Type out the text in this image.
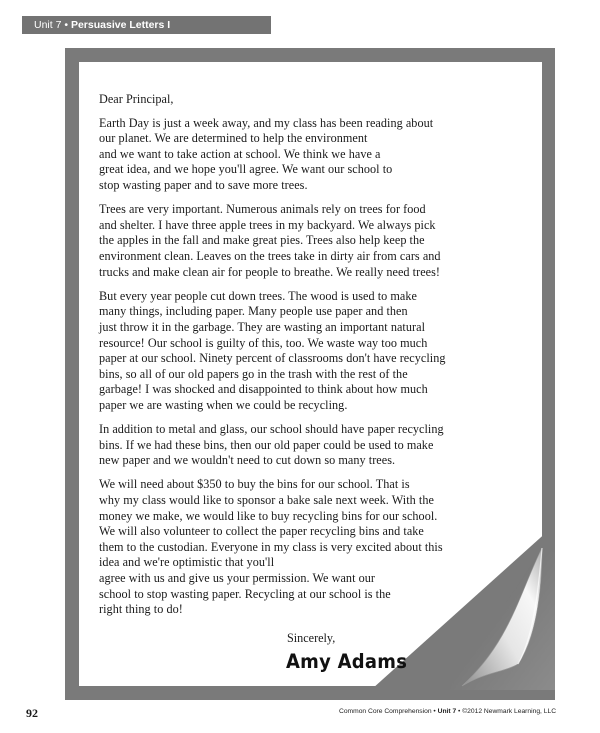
Unit 7 • Persuasive Letters I
Dear Principal,
Earth Day is just a week away, and my class has been reading about
our planet. We are determined to help the environment
and we want to take action at school. We think we have a
great idea, and we hope you'll agree. We want our school to
stop wasting paper and to save more trees.
Trees are very important. Numerous animals rely on trees for food
and shelter. I have three apple trees in my backyard. We always pick
the apples in the fall and make great pies. Trees also help keep the
environment clean. Leaves on the trees take in dirty air from cars and
trucks and make clean air for people to breathe. We really need trees!
But every year people cut down trees. The wood is used to make
many things, including paper. Many people use paper and then
just throw it in the garbage. They are wasting an important natural
resource! Our school is guilty of this, too. We waste way too much
paper at our school. Ninety percent of classrooms don't have recycling
bins, so all of our old papers go in the trash with the rest of the
garbage! I was shocked and disappointed to think about how much
paper we are wasting when we could be recycling.
In addition to metal and glass, our school should have paper recycling
bins. If we had these bins, then our old paper could be used to make
new paper and we wouldn't need to cut down so many trees.
We will need about $350 to buy the bins for our school. That is
why my class would like to sponsor a bake sale next week. With the
money we make, we would like to buy recycling bins for our school.
We will also volunteer to collect the paper recycling bins and take
them to the custodian. Everyone in my class is very excited about this
idea and we're optimistic that you'll
agree with us and give us your permission. We want our
school to stop wasting paper. Recycling at our school is the
right thing to do!
Sincerely,
Amy Adams
92	Common Core Comprehension • Unit 7 • ©2012 Newmark Learning, LLC
